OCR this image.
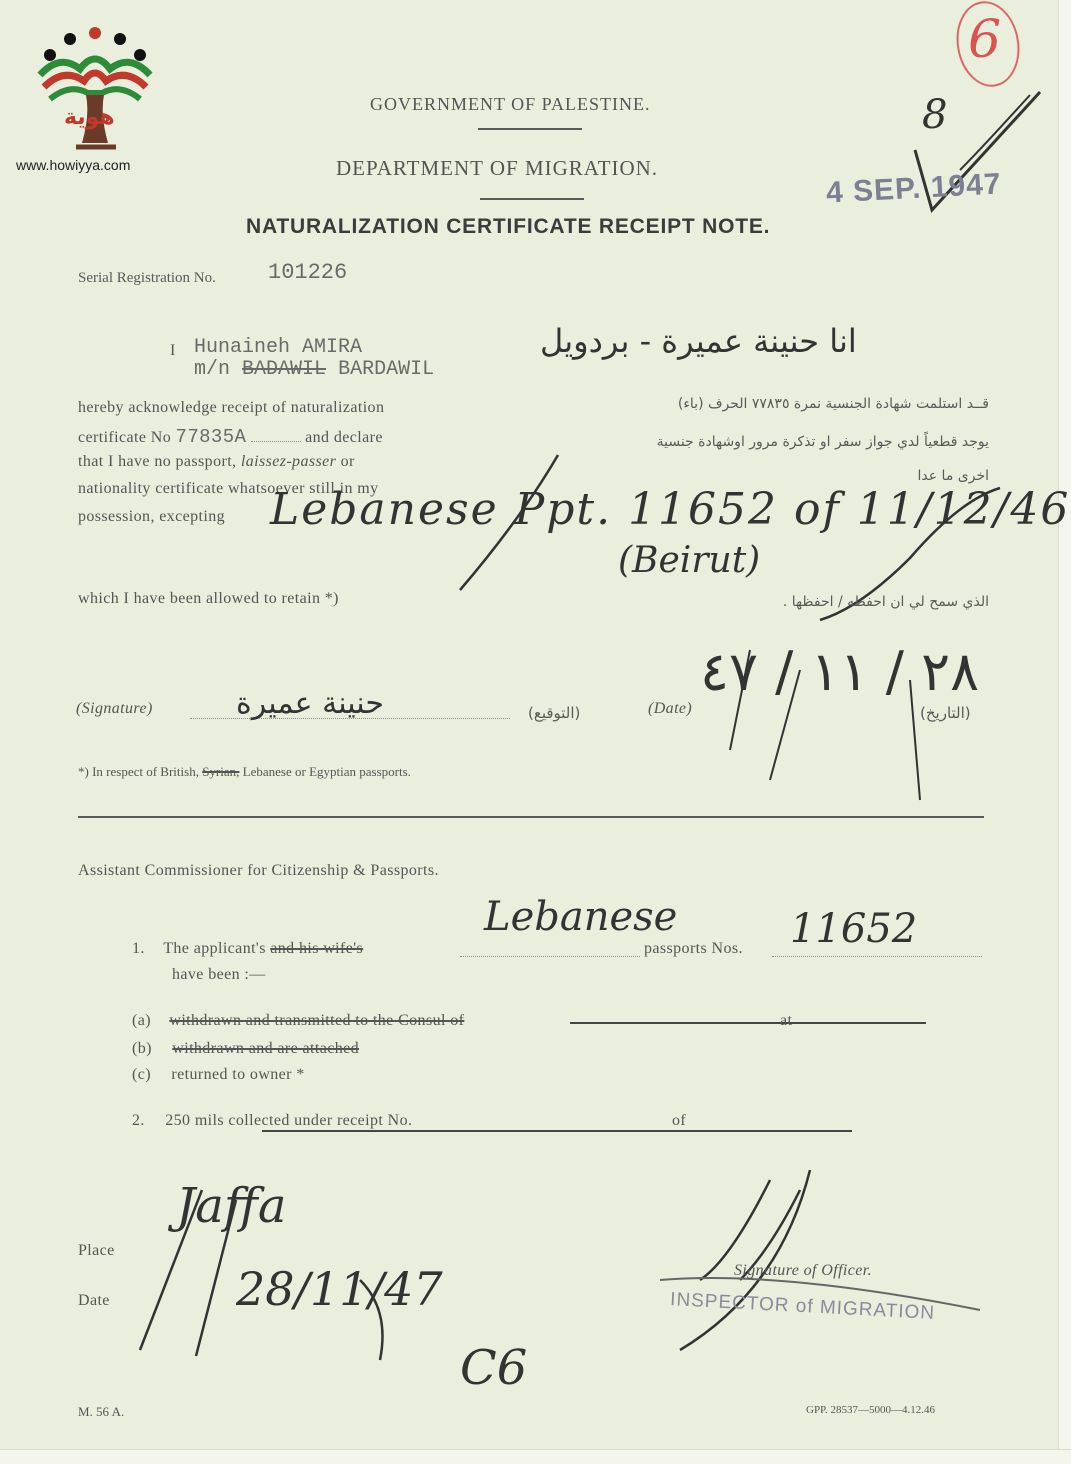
هوية
www.howiyya.com
6
8
4 SEP. 1947
GOVERNMENT OF PALESTINE.
DEPARTMENT OF MIGRATION.
NATURALIZATION CERTIFICATE RECEIPT NOTE.
Serial Registration No. 101226
I Hunaineh AMIRA
m/n BADAWIL BARDAWIL
انا حنينة عميرة - بردويل
hereby acknowledge receipt of naturalization
certificate No 77835A	and declare
that I have no passport, laissez-passer or
nationality certificate whatsoever still in my
possession, excepting
قــد استلمت شهادة الجنسية نمرة ٧٧٨٣٥ الحرف (باء)
يوجد قطعياً لدي جواز سفر او تذكرة مرور اوشهادة جنسية
اخرى ما عدا
Lebanese Ppt. 11652 of 11/12/46
(Beirut)
which I have been allowed to retain *)	الذي سمح لي ان احفظه / احفظها .
(Signature)	حنينة عميرة	(التوقيع)	(Date)
٢٨ / ١١ / ٤٧
(التاريخ)
*) In respect of British, Syrian, Lebanese or Egyptian passports.
Assistant Commissioner for Citizenship & Passports.
1. The applicant's and his wife's
Lebanese
passports Nos. 11652
have been :—
(a) withdrawn and transmitted to the Consul of	at
(b) withdrawn and are attached
(c) returned to owner *
2. 250 mils collected under receipt No.	of
Place
Jaffa
Date	28/11/47	Signature of Officer.
INSPECTOR of MIGRATION
C6
M. 56 A.	GPP. 28537—5000—4.12.46
